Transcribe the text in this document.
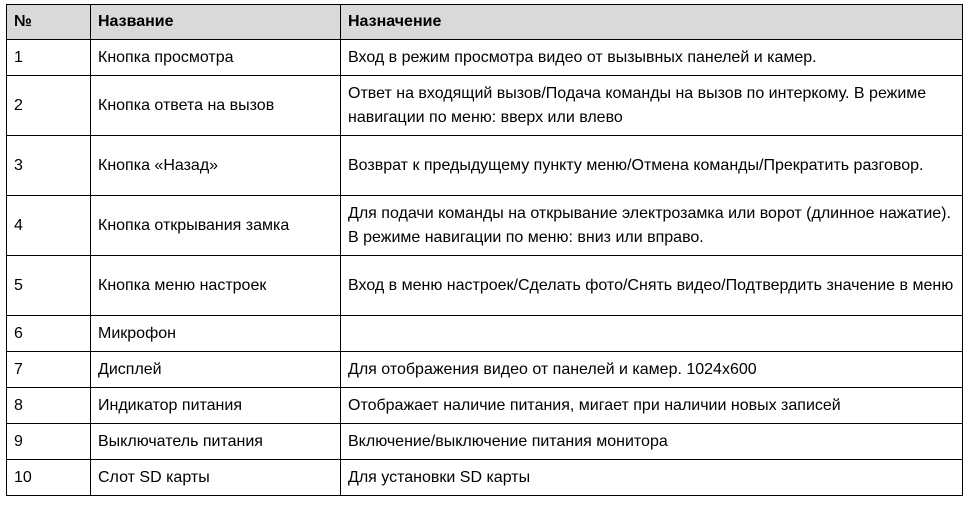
№	Название	Назначение
1	Кнопка просмотра	Вход в режим просмотра видео от вызывных панелей и камер.
2	Кнопка ответа на вызов	Ответ на входящий вызов/Подача команды на вызов по интеркому. В режиме навигации по меню: вверх или влево
3	Кнопка «Назад»	Возврат к предыдущему пункту меню/Отмена команды/Прекратить разговор.
4	Кнопка открывания замка	Для подачи команды на открывание электрозамка или ворот (длинное нажатие). В режиме навигации по меню: вниз или вправо.
5	Кнопка меню настроек	Вход в меню настроек/Сделать фото/Снять видео/Подтвердить значение в меню
6	Микрофон	
7	Дисплей	Для отображения видео от панелей и камер. 1024х600
8	Индикатор питания	Отображает наличие питания, мигает при наличии новых записей
9	Выключатель питания	Включение/выключение питания монитора
10	Слот SD карты	Для установки SD карты
